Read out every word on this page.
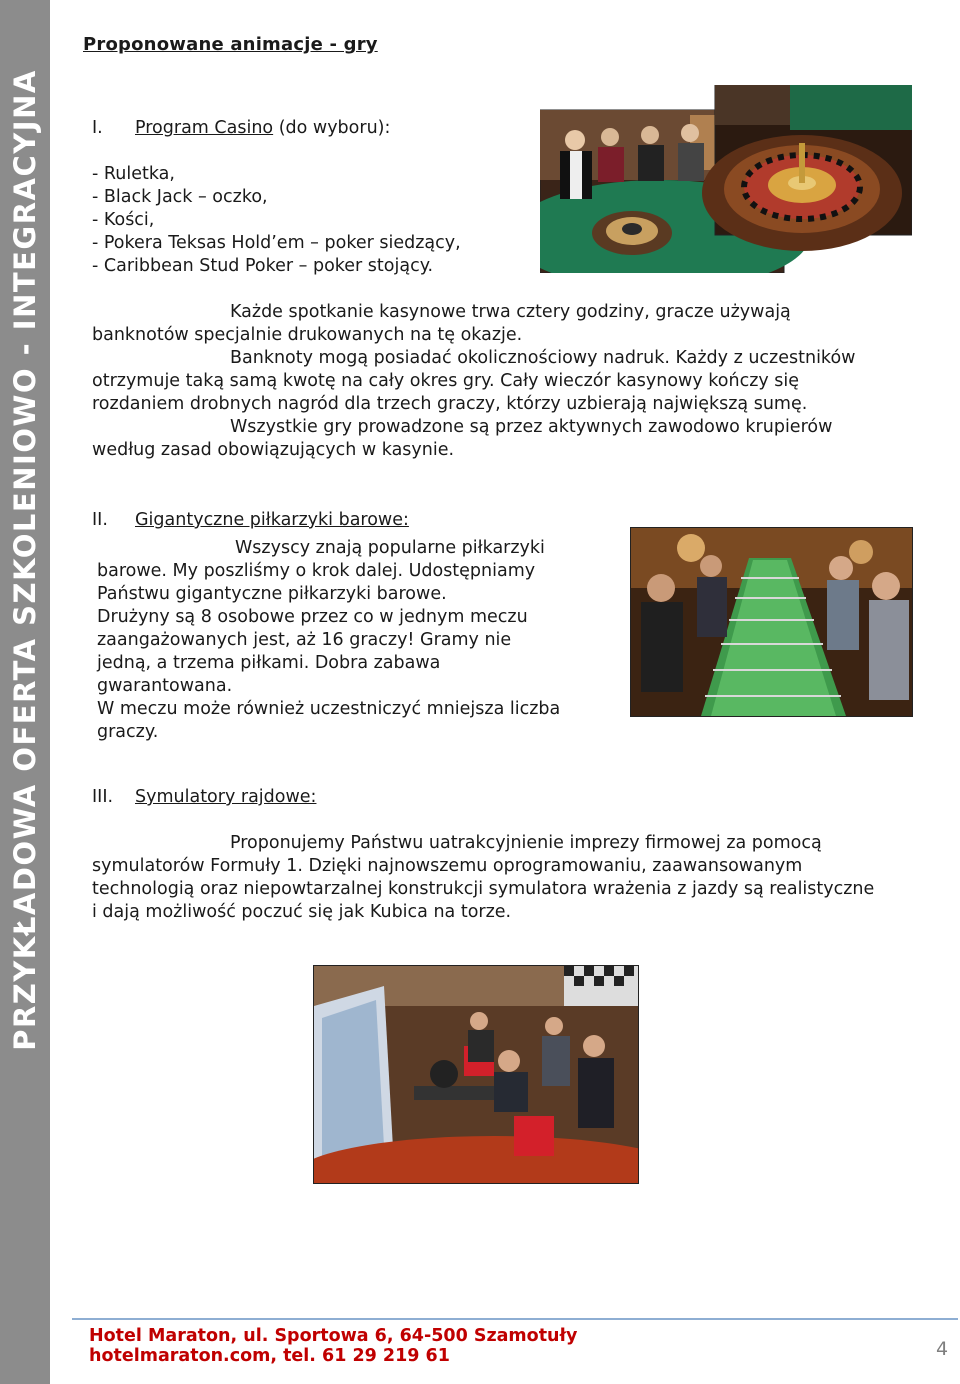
PRZYKŁADOWA OFERTA SZKOLENIOWO - INTEGRACYJNA
Proponowane animacje - gry
I. Program Casino (do wyboru):
- Ruletka,
- Black Jack – oczko,
- Kości,
- Pokera Teksas Hold’em – poker siedzący,
- Caribbean Stud Poker – poker stojący.
Każde spotkanie kasynowe trwa cztery godziny, gracze używają
banknotów specjalnie drukowanych na tę okazje.
Banknoty mogą posiadać okolicznościowy nadruk. Każdy z uczestników
otrzymuje taką samą kwotę na cały okres gry. Cały wieczór kasynowy kończy się
rozdaniem drobnych nagród dla trzech graczy, którzy uzbierają największą sumę.
Wszystkie gry prowadzone są przez aktywnych zawodowo krupierów
według zasad obowiązujących w kasynie.
II. Gigantyczne piłkarzyki barowe:
Wszyscy znają popularne piłkarzyki
barowe. My poszliśmy o krok dalej. Udostępniamy
Państwu gigantyczne piłkarzyki barowe.
Drużyny są 8 osobowe przez co w jednym meczu
zaangażowanych jest, aż 16 graczy! Gramy nie
jedną, a trzema piłkami. Dobra zabawa
gwarantowana.
W meczu może również uczestniczyć mniejsza liczba
graczy.
III. Symulatory rajdowe:
Proponujemy Państwu uatrakcyjnienie imprezy firmowej za pomocą
symulatorów Formuły 1. Dzięki najnowszemu oprogramowaniu, zaawansowanym
technologią oraz niepowtarzalnej konstrukcji symulatora wrażenia z jazdy są realistyczne
i dają możliwość poczuć się jak Kubica na torze.
Hotel Maraton, ul. Sportowa 6, 64-500 Szamotuły
hotelmaraton.com, tel. 61 29 219 61	4
